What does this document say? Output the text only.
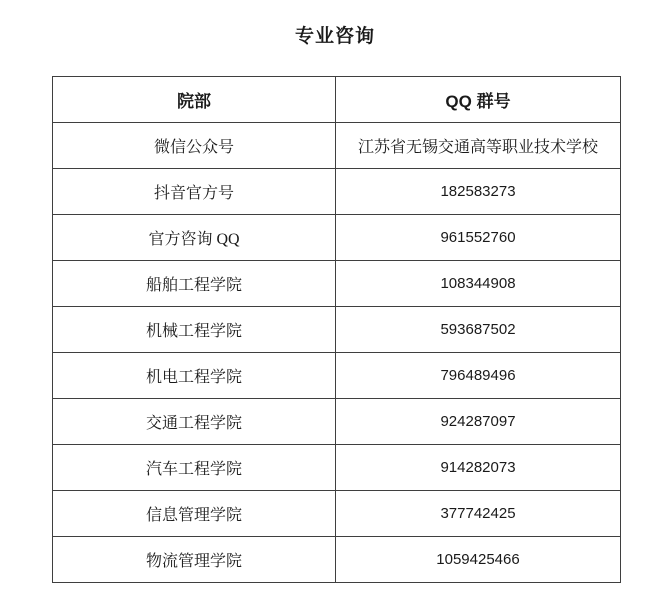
专业咨询
院部	QQ 群号
微信公众号	江苏省无锡交通高等职业技术学校
抖音官方号	182583273
官方咨询 QQ	961552760
船舶工程学院	108344908
机械工程学院	593687502
机电工程学院	796489496
交通工程学院	924287097
汽车工程学院	914282073
信息管理学院	377742425
物流管理学院	1059425466
